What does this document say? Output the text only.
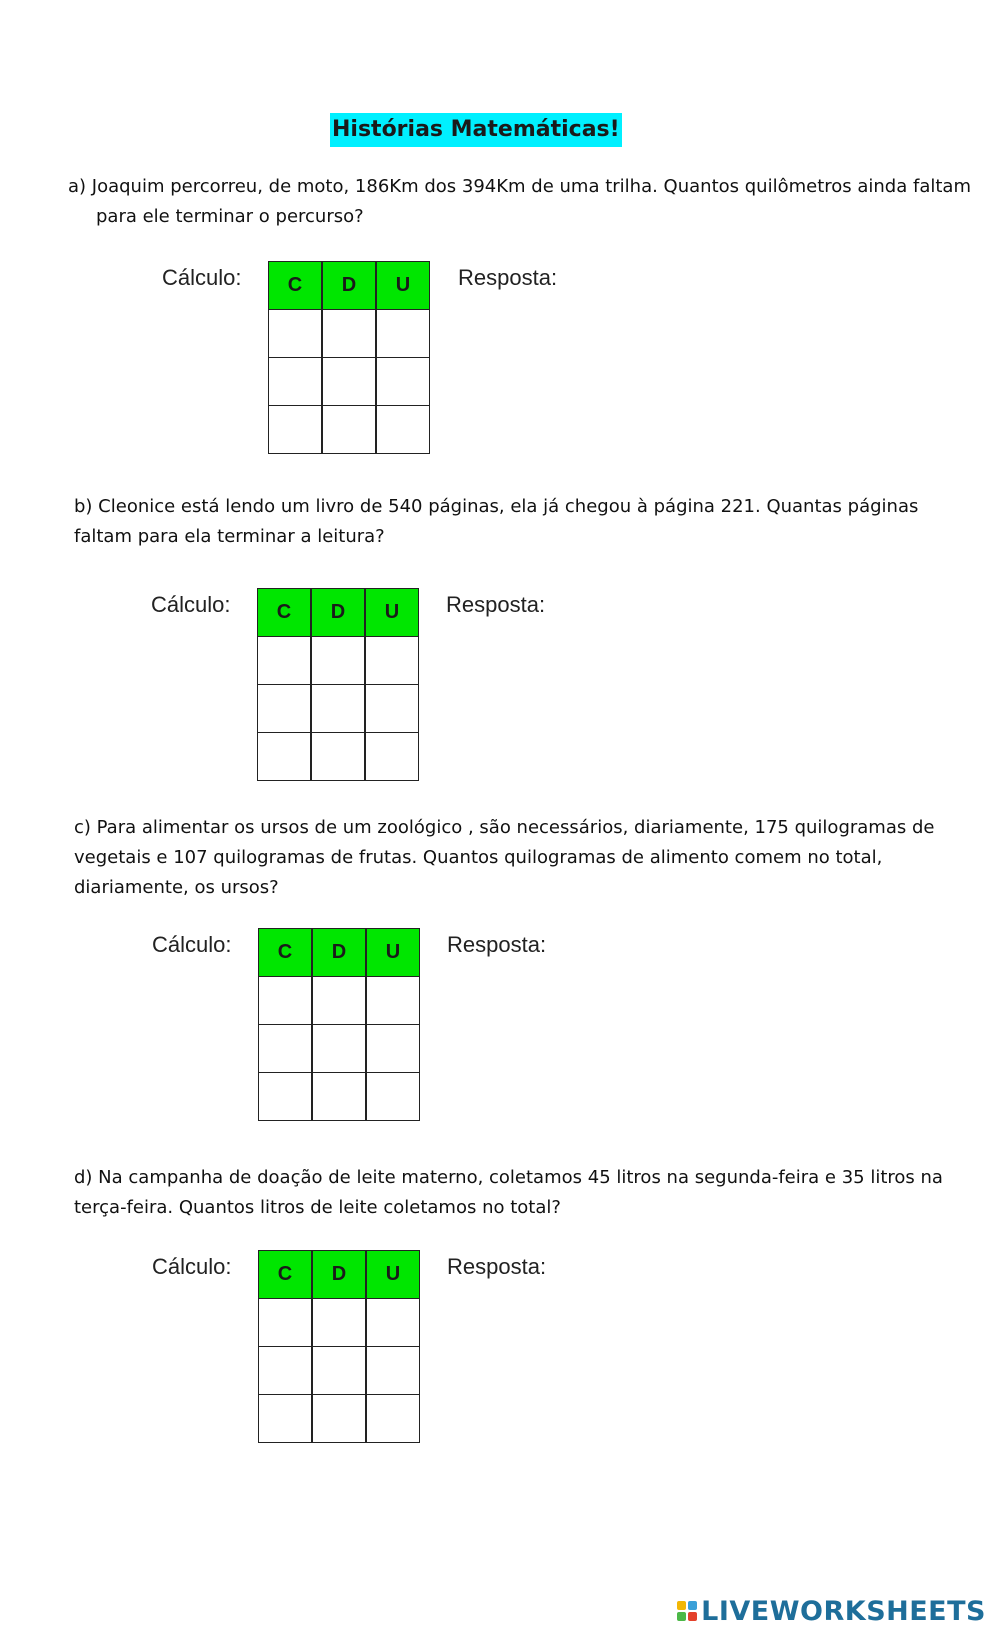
Histórias Matemáticas!
a) Joaquim percorreu, de moto, 186Km dos 394Km de uma trilha. Quantos quilômetros ainda faltam para ele terminar o percurso?
Cálculo: C	D	U

		Resposta:
b) Cleonice está lendo um livro de 540 páginas, ela já chegou à página 221. Quantas páginas faltam para ela terminar a leitura?
Cálculo: C	D	U

		Resposta:
c) Para alimentar os ursos de um zoológico , são necessários, diariamente, 175 quilogramas de vegetais e 107 quilogramas de frutas. Quantos quilogramas de alimento comem no total, diariamente, os ursos?
Cálculo: C	D	U

		Resposta:
d) Na campanha de doação de leite materno, coletamos 45 litros na segunda-feira e 35 litros na terça-feira. Quantos litros de leite coletamos no total?
Cálculo: C	D	U

		Resposta:
LIVEWORKSHEETS
